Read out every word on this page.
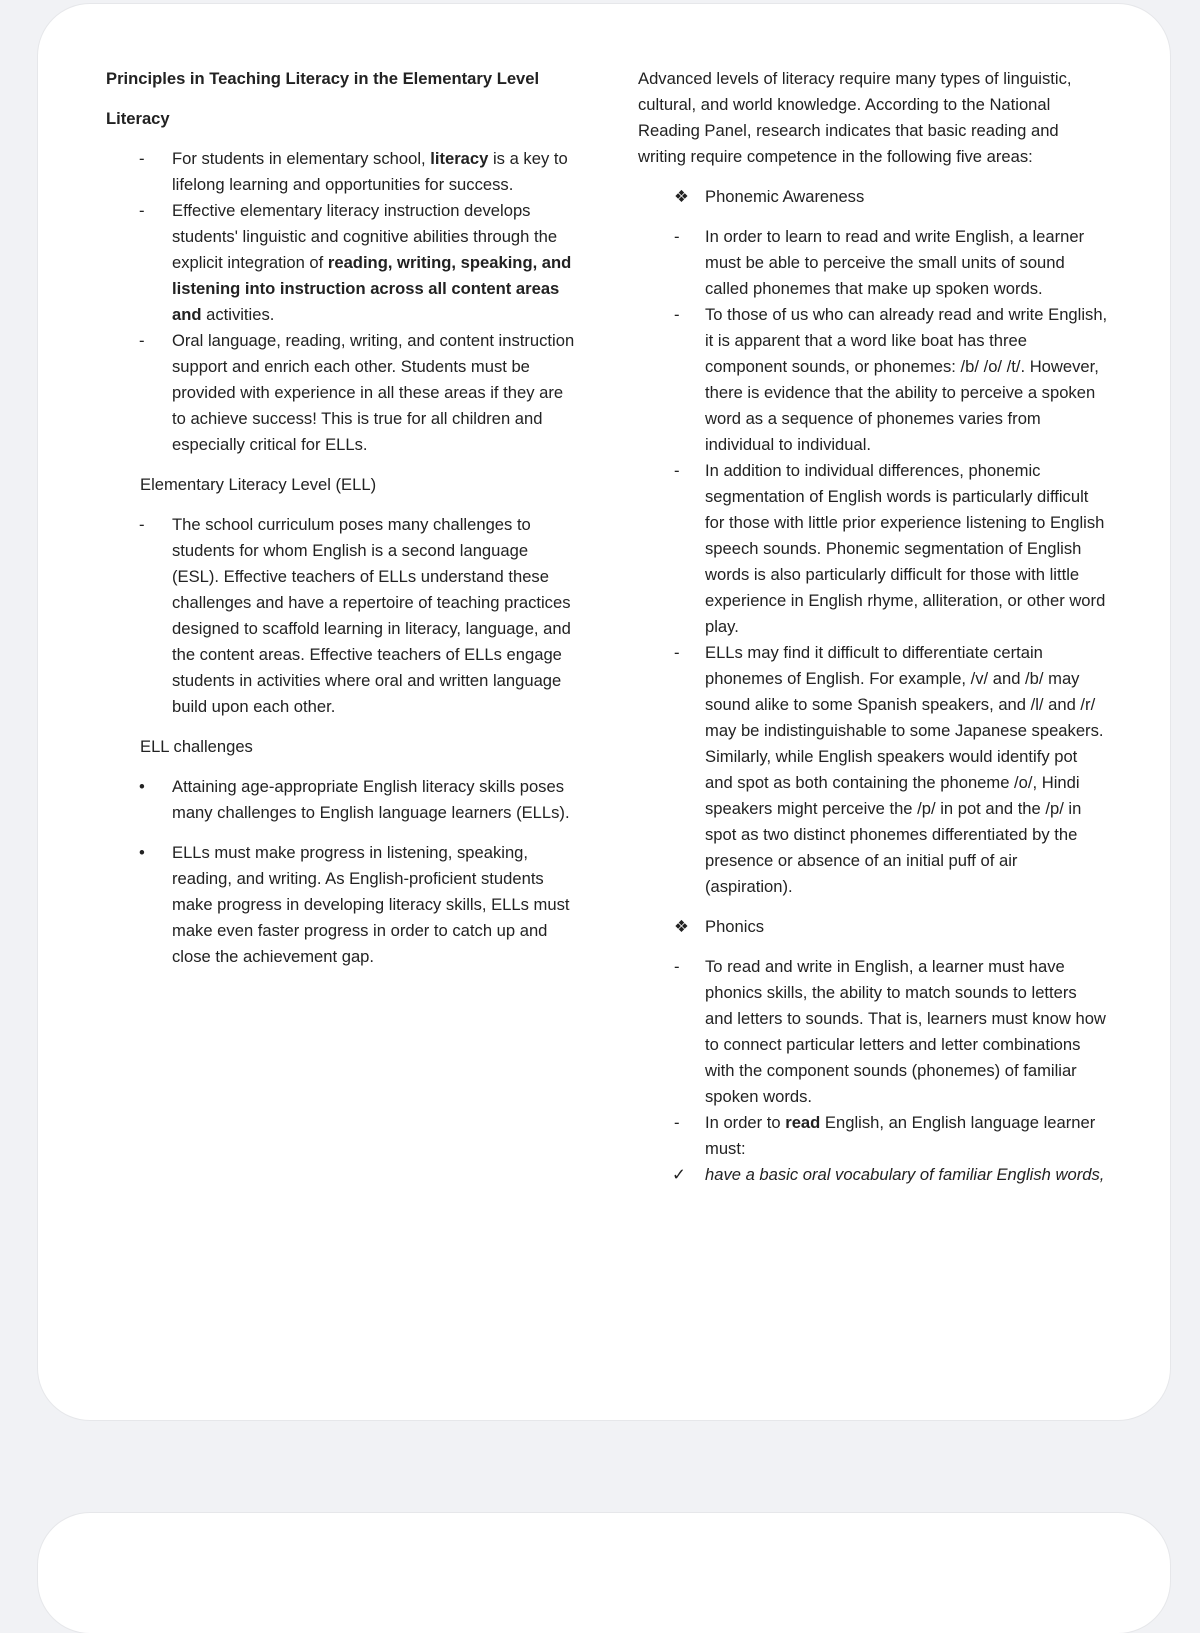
Principles in Teaching Literacy in the Elementary Level
Literacy
-	For students in elementary school, literacy is a key to lifelong learning and opportunities for success.
-	Effective elementary literacy instruction develops students' linguistic and cognitive abilities through the explicit integration of reading, writing, speaking, and listening into instruction across all content areas and activities.
-	Oral language, reading, writing, and content instruction support and enrich each other. Students must be provided with experience in all these areas if they are to achieve success! This is true for all children and especially critical for ELLs.
Elementary Literacy Level (ELL)
-	The school curriculum poses many challenges to students for whom English is a second language (ESL). Effective teachers of ELLs understand these challenges and have a repertoire of teaching practices designed to scaffold learning in literacy, language, and the content areas. Effective teachers of ELLs engage students in activities where oral and written language build upon each other.
ELL challenges
•	Attaining age-appropriate English literacy skills poses many challenges to English language learners (ELLs).
•	ELLs must make progress in listening, speaking, reading, and writing. As English-proficient students make progress in developing literacy skills, ELLs must make even faster progress in order to catch up and close the achievement gap.
Advanced levels of literacy require many types of linguistic, cultural, and world knowledge. According to the National Reading Panel, research indicates that basic reading and writing require competence in the following five areas:
❖ Phonemic Awareness
-	In order to learn to read and write English, a learner must be able to perceive the small units of sound called phonemes that make up spoken words.
-	To those of us who can already read and write English, it is apparent that a word like boat has three component sounds, or phonemes: /b/ /o/ /t/. However, there is evidence that the ability to perceive a spoken word as a sequence of phonemes varies from individual to individual.
-	In addition to individual differences, phonemic segmentation of English words is particularly difficult for those with little prior experience listening to English speech sounds. Phonemic segmentation of English words is also particularly difficult for those with little experience in English rhyme, alliteration, or other word play.
-	ELLs may find it difficult to differentiate certain phonemes of English. For example, /v/ and /b/ may sound alike to some Spanish speakers, and /l/ and /r/ may be indistinguishable to some Japanese speakers. Similarly, while English speakers would identify pot and spot as both containing the phoneme /o/, Hindi speakers might perceive the /p/ in pot and the /p/ in spot as two distinct phonemes differentiated by the presence or absence of an initial puff of air (aspiration).
❖ Phonics
-	To read and write in English, a learner must have phonics skills, the ability to match sounds to letters and letters to sounds. That is, learners must know how to connect particular letters and letter combinations with the component sounds (phonemes) of familiar spoken words.
-	In order to read English, an English language learner must:
✓ have a basic oral vocabulary of familiar English words,
